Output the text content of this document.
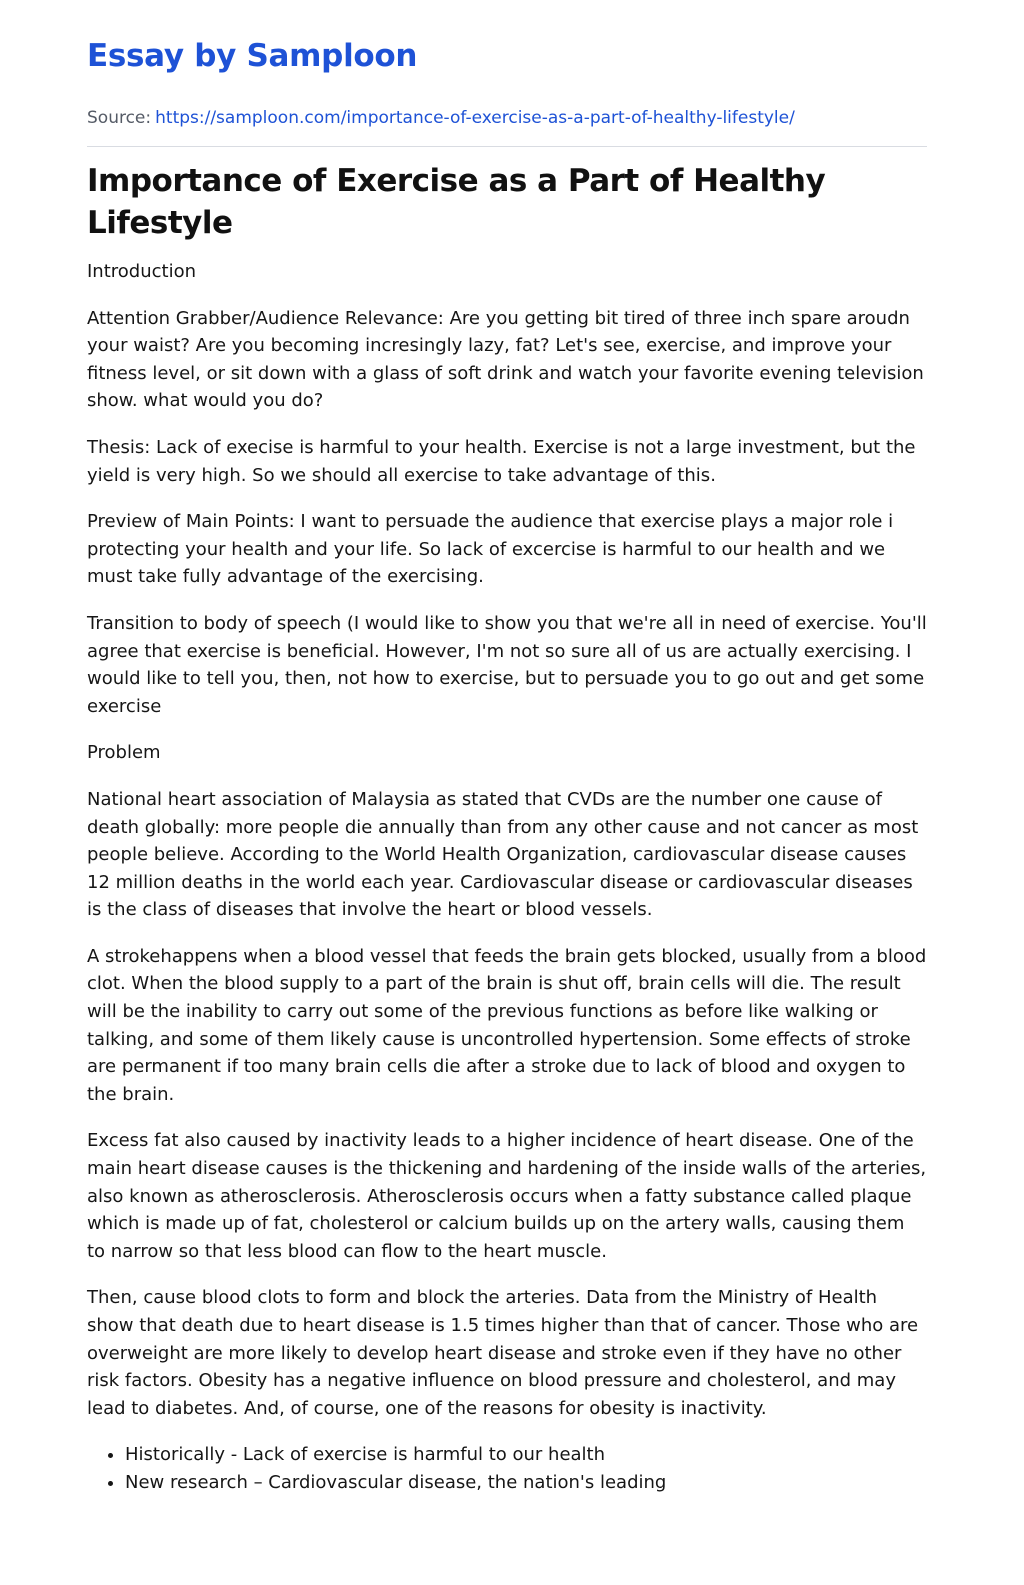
Essay by Samploon
Source: https://samploon.com/importance-of-exercise-as-a-part-of-healthy-lifestyle/
Importance of Exercise as a Part of Healthy Lifestyle

Introduction

Attention Grabber/Audience Relevance: Are you getting bit tired of three inch spare aroudn your waist? Are you becoming incresingly lazy, fat? Let's see, exercise, and improve your fitness level, or sit down with a glass of soft drink and watch your favorite evening television show. what would you do?

Thesis: Lack of execise is harmful to your health. Exercise is not a large investment, but the yield is very high. So we should all exercise to take advantage of this.

Preview of Main Points: I want to persuade the audience that exercise plays a major role i protecting your health and your life. So lack of excercise is harmful to our health and we must take fully advantage of the exercising.

Transition to body of speech (I would like to show you that we're all in need of exercise. You'll agree that exercise is beneficial. However, I'm not so sure all of us are actually exercising. I would like to tell you, then, not how to exercise, but to persuade you to go out and get some exercise

Problem

National heart association of Malaysia as stated that CVDs are the number one cause of death globally: more people die annually than from any other cause and not cancer as most people believe. According to the World Health Organization, cardiovascular disease causes 12 million deaths in the world each year. Cardiovascular disease or cardiovascular diseases is the class of diseases that involve the heart or blood vessels.

A strokehappens when a blood vessel that feeds the brain gets blocked, usually from a blood clot. When the blood supply to a part of the brain is shut off, brain cells will die. The result will be the inability to carry out some of the previous functions as before like walking or talking, and some of them likely cause is uncontrolled hypertension. Some effects of stroke are permanent if too many brain cells die after a stroke due to lack of blood and oxygen to the brain.

Excess fat also caused by inactivity leads to a higher incidence of heart disease. One of the main heart disease causes is the thickening and hardening of the inside walls of the arteries, also known as atherosclerosis. Atherosclerosis occurs when a fatty substance called plaque which is made up of fat, cholesterol or calcium builds up on the artery walls, causing them to narrow so that less blood can flow to the heart muscle.

Then, cause blood clots to form and block the arteries. Data from the Ministry of Health show that death due to heart disease is 1.5 times higher than that of cancer. Those who are overweight are more likely to develop heart disease and stroke even if they have no other risk factors. Obesity has a negative influence on blood pressure and cholesterol, and may lead to diabetes. And, of course, one of the reasons for obesity is inactivity.

• Historically - Lack of exercise is harmful to our health
• New research – Cardiovascular disease, the nation's leading
